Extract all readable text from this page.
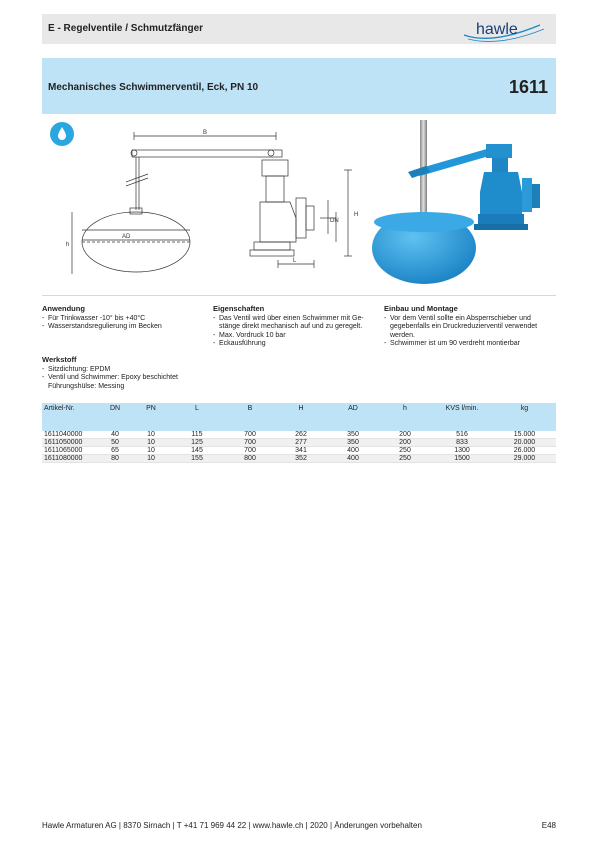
E - Regelventile / Schmutzfänger	hawle
Mechanisches Schwimmerventil, Eck, PN 10	1611
B
H
L
AD
DN
h
Anwendung
- Für Trinkwasser -10° bis +40°C
- Wasserstandsregulierung im Becken
Eigenschaften
- Das Ventil wird über einen Schwimmer mit Ge-stänge direkt mechanisch auf und zu geregelt.
- Max. Vordruck 10 bar
- Eckausführung
Einbau und Montage
- Vor dem Ventil sollte ein Absperrschieber und gegebenfalls ein Druckreduzierventil verwendet werden.
- Schwimmer ist um 90 verdreht montierbar
Werkstoff
- Sitzdichtung: EPDM
- Ventil und Schwimmer: Epoxy beschichtet Führungshülse: Messing
Artikel-Nr.	DN	PN	L	B	H	AD	h	KVS l/min.	kg
1611040000	40	10	115	700	262	350	200	516	15.000
1611050000	50	10	125	700	277	350	200	833	20.000
1611065000	65	10	145	700	341	400	250	1300	26.000
1611080000	80	10	155	800	352	400	250	1500	29.000
Hawle Armaturen AG | 8370 Sirnach | T +41 71 969 44 22 | www.hawle.ch | 2020 | Änderungen vorbehalten	E48
